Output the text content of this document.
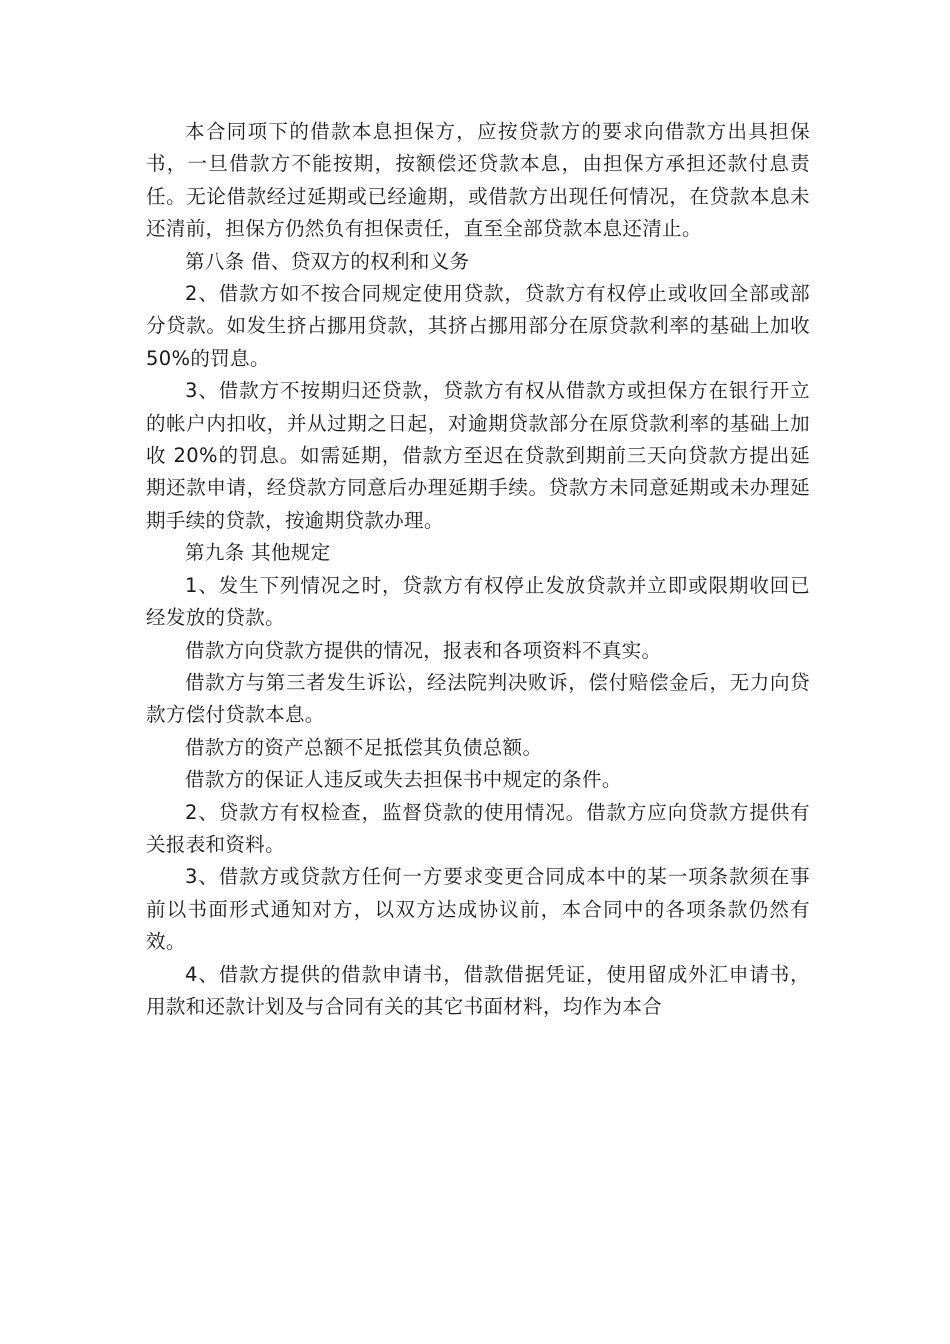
本合同项下的借款本息担保方，应按贷款方的要求向借款方出具担保书，一旦借款方不能按期，按额偿还贷款本息，由担保方承担还款付息责任。无论借款经过延期或已经逾期，或借款方出现任何情况，在贷款本息未还清前，担保方仍然负有担保责任，直至全部贷款本息还清止。

第八条 借、贷双方的权利和义务

2、借款方如不按合同规定使用贷款，贷款方有权停止或收回全部或部分贷款。如发生挤占挪用贷款，其挤占挪用部分在原贷款利率的基础上加收 50%的罚息。

3、借款方不按期归还贷款，贷款方有权从借款方或担保方在银行开立的帐户内扣收，并从过期之日起，对逾期贷款部分在原贷款利率的基础上加收 20%的罚息。如需延期，借款方至迟在贷款到期前三天向贷款方提出延期还款申请，经贷款方同意后办理延期手续。贷款方未同意延期或未办理延期手续的贷款，按逾期贷款办理。

第九条 其他规定

1、发生下列情况之时，贷款方有权停止发放贷款并立即或限期收回已经发放的贷款。

借款方向贷款方提供的情况，报表和各项资料不真实。

借款方与第三者发生诉讼，经法院判决败诉，偿付赔偿金后，无力向贷款方偿付贷款本息。

借款方的资产总额不足抵偿其负债总额。

借款方的保证人违反或失去担保书中规定的条件。

2、贷款方有权检查，监督贷款的使用情况。借款方应向贷款方提供有关报表和资料。

3、借款方或贷款方任何一方要求变更合同成本中的某一项条款须在事前以书面形式通知对方，以双方达成协议前，本合同中的各项条款仍然有效。

4、借款方提供的借款申请书，借款借据凭证，使用留成外汇申请书，用款和还款计划及与合同有关的其它书面材料，均作为本合
